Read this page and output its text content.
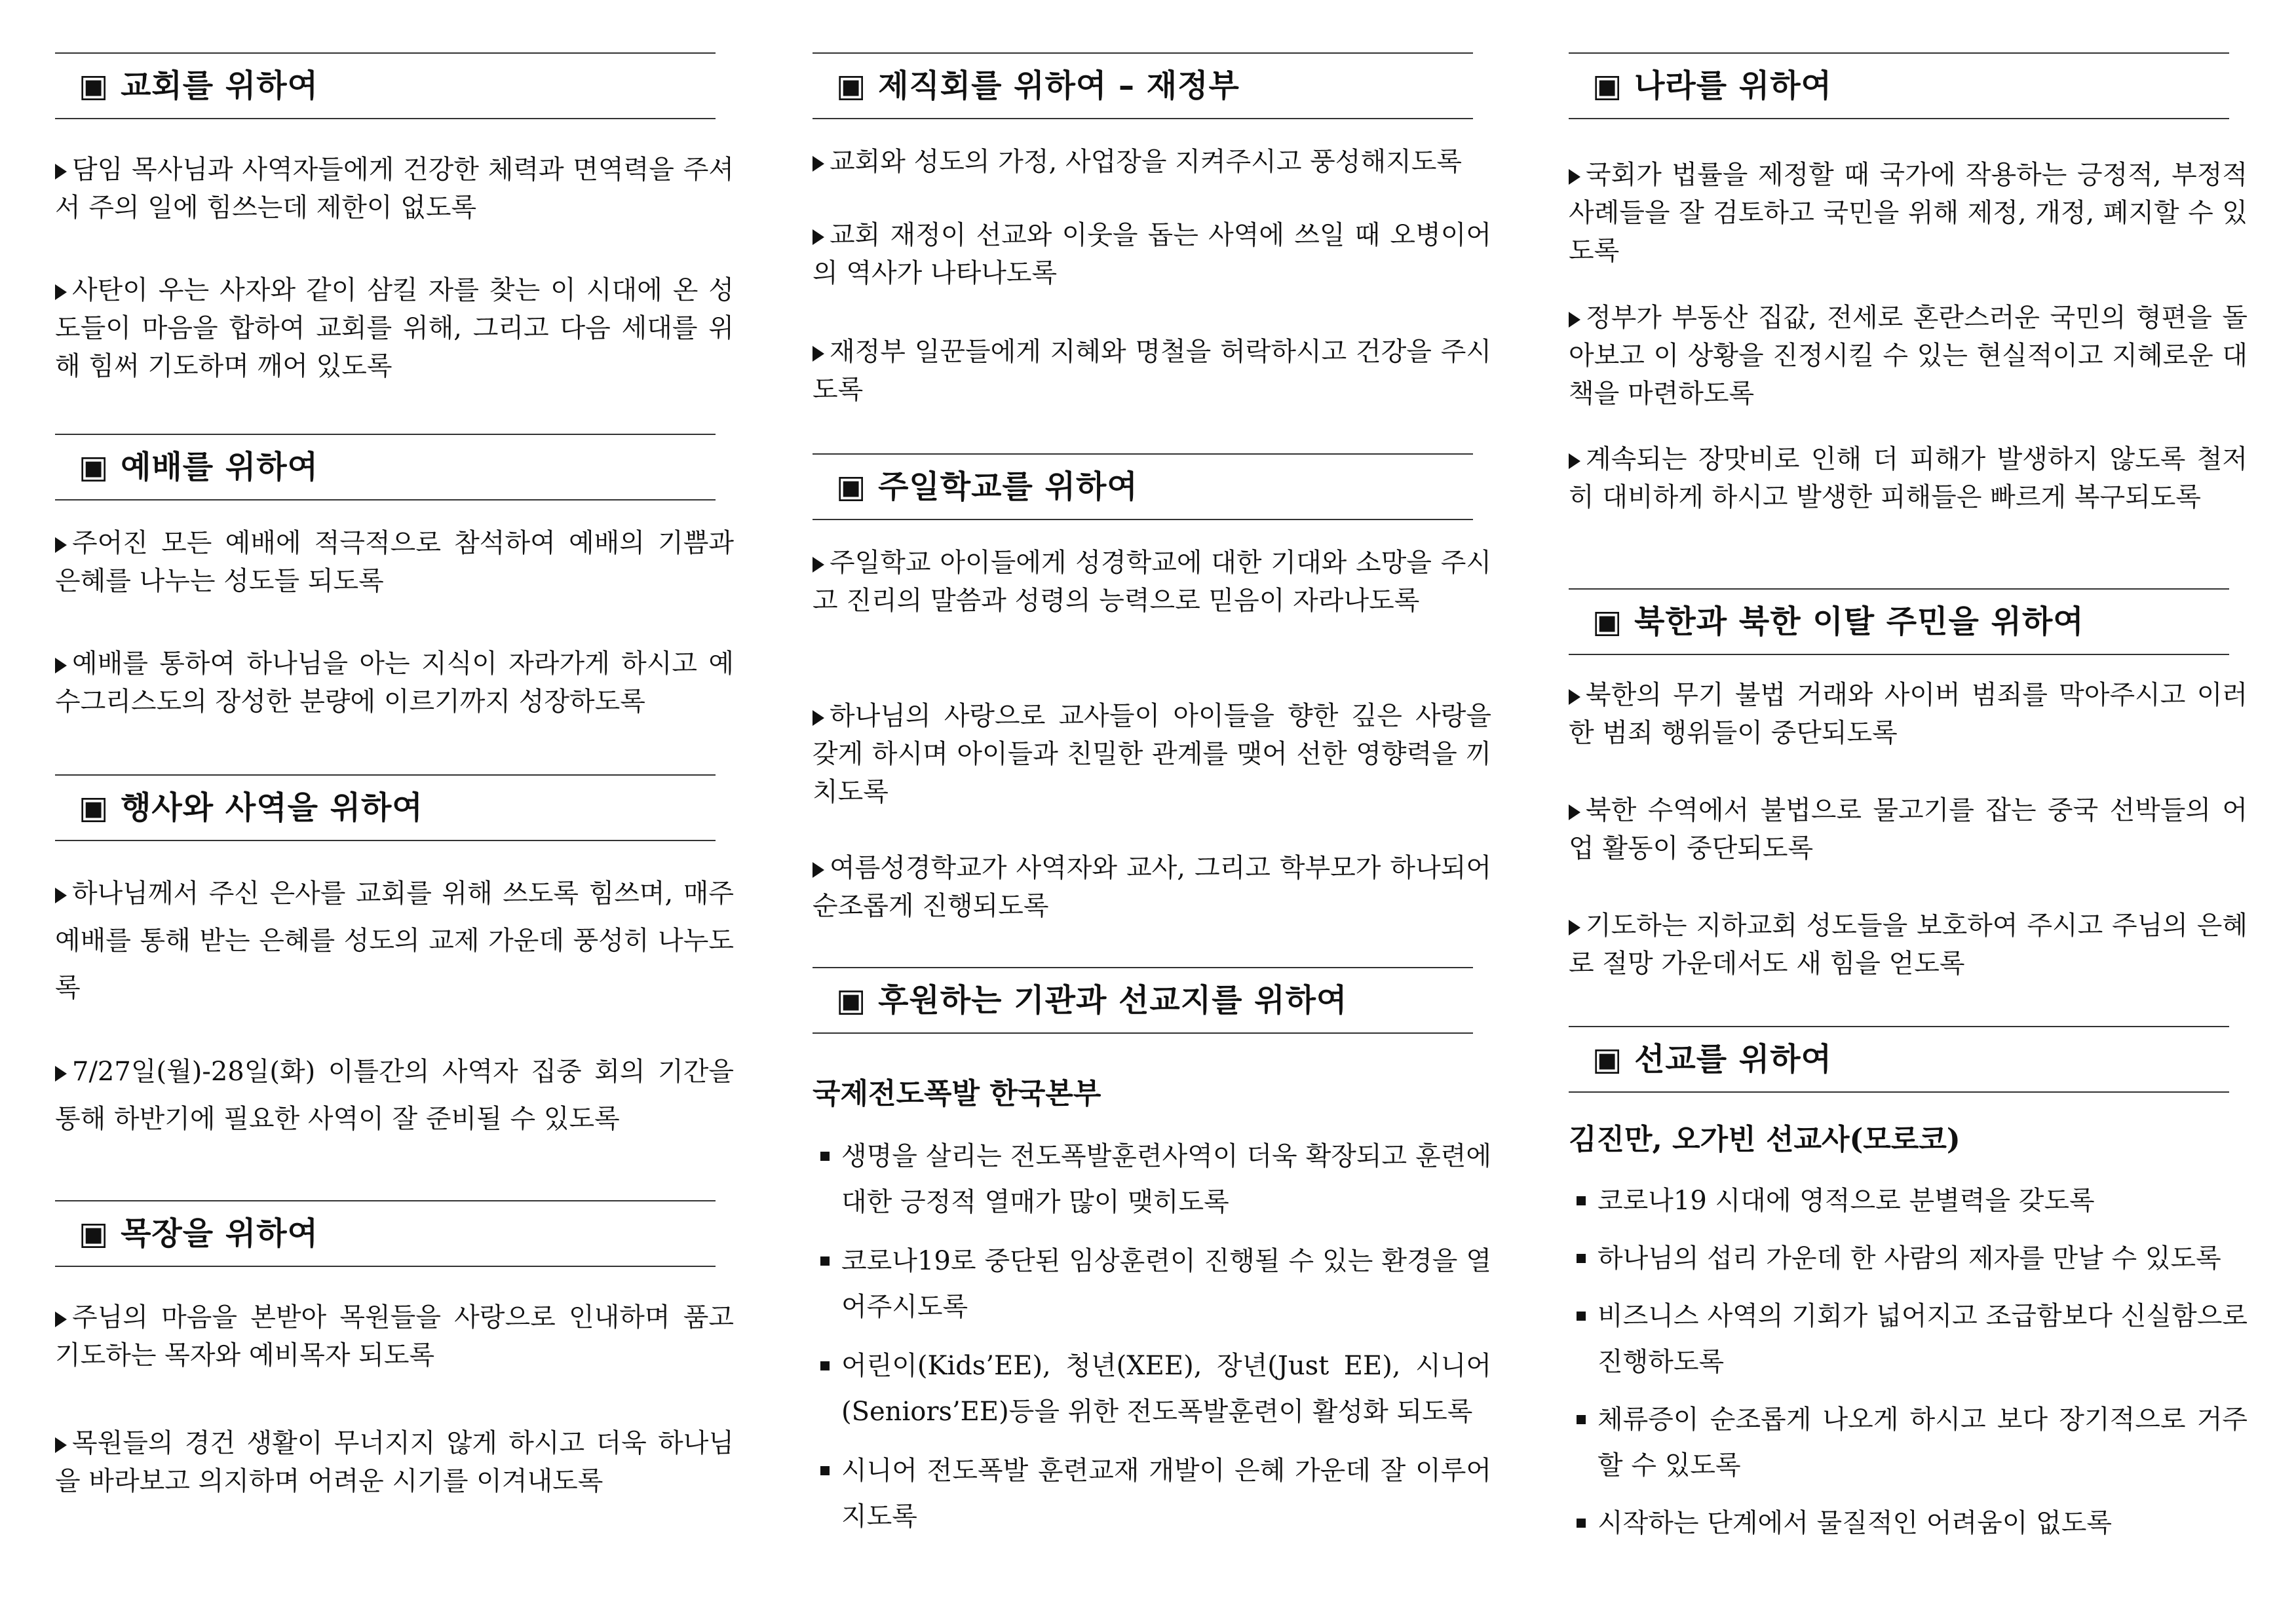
▣ 교회를 위하여
담임 목사님과 사역자들에게 건강한 체력과 면역력을 주셔서 주의 일에 힘쓰는데 제한이 없도록
사탄이 우는 사자와 같이 삼킬 자를 찾는 이 시대에 온 성도들이 마음을 합하여 교회를 위해, 그리고 다음 세대를 위해 힘써 기도하며 깨어 있도록
▣ 예배를 위하여
주어진 모든 예배에 적극적으로 참석하여 예배의 기쁨과 은혜를 나누는 성도들 되도록
예배를 통하여 하나님을 아는 지식이 자라가게 하시고 예수그리스도의 장성한 분량에 이르기까지 성장하도록
▣ 행사와 사역을 위하여
하나님께서 주신 은사를 교회를 위해 쓰도록 힘쓰며, 매주 예배를 통해 받는 은혜를 성도의 교제 가운데 풍성히 나누도록
7/27일(월)-28일(화) 이틀간의 사역자 집중 회의 기간을 통해 하반기에 필요한 사역이 잘 준비될 수 있도록
▣ 목장을 위하여
주님의 마음을 본받아 목원들을 사랑으로 인내하며 품고 기도하는 목자와 예비목자 되도록
목원들의 경건 생활이 무너지지 않게 하시고 더욱 하나님을 바라보고 의지하며 어려운 시기를 이겨내도록
▣ 제직회를 위하여 – 재정부
교회와 성도의 가정, 사업장을 지켜주시고 풍성해지도록
교회 재정이 선교와 이웃을 돕는 사역에 쓰일 때 오병이어의 역사가 나타나도록
재정부 일꾼들에게 지혜와 명철을 허락하시고 건강을 주시도록
▣ 주일학교를 위하여
주일학교 아이들에게 성경학교에 대한 기대와 소망을 주시고 진리의 말씀과 성령의 능력으로 믿음이 자라나도록
하나님의 사랑으로 교사들이 아이들을 향한 깊은 사랑을 갖게 하시며 아이들과 친밀한 관계를 맺어 선한 영향력을 끼치도록
여름성경학교가 사역자와 교사, 그리고 학부모가 하나되어 순조롭게 진행되도록
▣ 후원하는 기관과 선교지를 위하여
국제전도폭발 한국본부
생명을 살리는 전도폭발훈련사역이 더욱 확장되고 훈련에 대한 긍정적 열매가 많이 맺히도록
코로나19로 중단된 임상훈련이 진행될 수 있는 환경을 열어주시도록
어린이(Kids’EE), 청년(XEE), 장년(Just EE), 시니어(Seniors’EE)등을 위한 전도폭발훈련이 활성화 되도록
시니어 전도폭발 훈련교재 개발이 은혜 가운데 잘 이루어지도록
▣ 나라를 위하여
국회가 법률을 제정할 때 국가에 작용하는 긍정적, 부정적 사례들을 잘 검토하고 국민을 위해 제정, 개정, 폐지할 수 있도록
정부가 부동산 집값, 전세로 혼란스러운 국민의 형편을 돌아보고 이 상황을 진정시킬 수 있는 현실적이고 지혜로운 대책을 마련하도록
계속되는 장맛비로 인해 더 피해가 발생하지 않도록 철저히 대비하게 하시고 발생한 피해들은 빠르게 복구되도록
▣ 북한과 북한 이탈 주민을 위하여
북한의 무기 불법 거래와 사이버 범죄를 막아주시고 이러한 범죄 행위들이 중단되도록
북한 수역에서 불법으로 물고기를 잡는 중국 선박들의 어업 활동이 중단되도록
기도하는 지하교회 성도들을 보호하여 주시고 주님의 은혜로 절망 가운데서도 새 힘을 얻도록
▣ 선교를 위하여
김진만, 오가빈 선교사(모로코)
코로나19 시대에 영적으로 분별력을 갖도록
하나님의 섭리 가운데 한 사람의 제자를 만날 수 있도록
비즈니스 사역의 기회가 넓어지고 조급함보다 신실함으로 진행하도록
체류증이 순조롭게 나오게 하시고 보다 장기적으로 거주할 수 있도록
시작하는 단계에서 물질적인 어려움이 없도록
